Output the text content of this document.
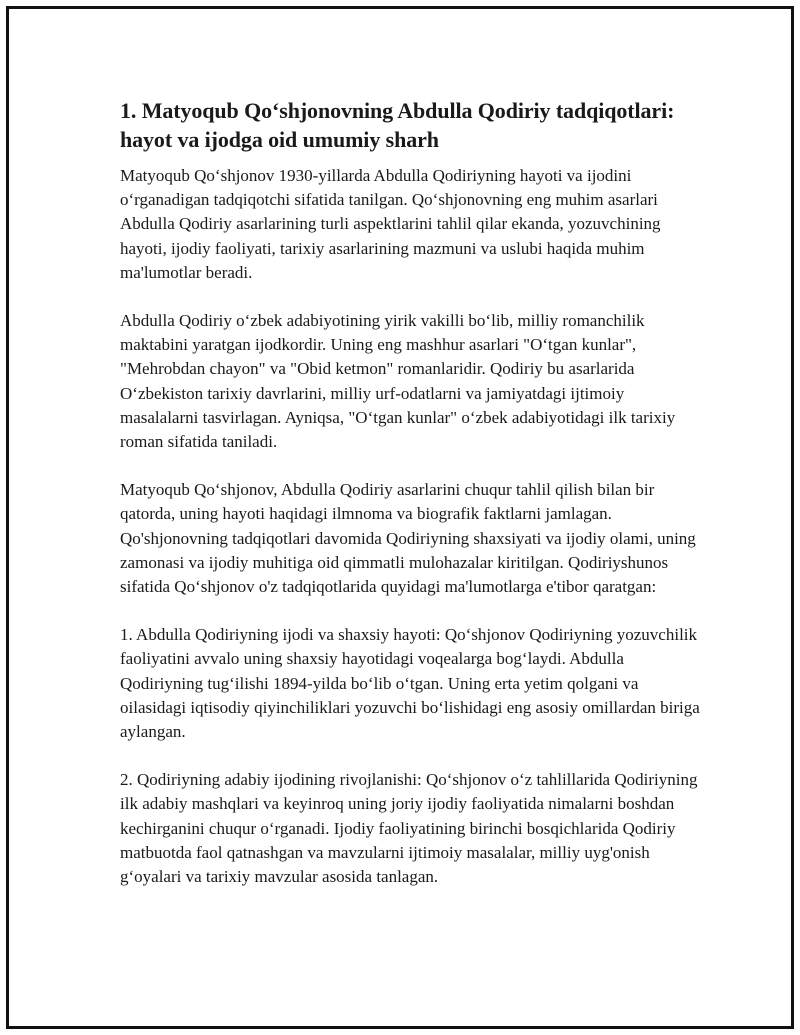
1. Matyoqub Qo‘shjonovning Abdulla Qodiriy tadqiqotlari: hayot va ijodga oid umumiy sharh

Matyoqub Qo‘shjonov 1930-yillarda Abdulla Qodiriyning hayoti va ijodini o‘rganadigan tadqiqotchi sifatida tanilgan. Qo‘shjonovning eng muhim asarlari Abdulla Qodiriy asarlarining turli aspektlarini tahlil qilar ekanda, yozuvchining hayoti, ijodiy faoliyati, tarixiy asarlarining mazmuni va uslubi haqida muhim ma'lumotlar beradi.

Abdulla Qodiriy o‘zbek adabiyotining yirik vakilli bo‘lib, milliy romanchilik maktabini yaratgan ijodkordir. Uning eng mashhur asarlari "O‘tgan kunlar", "Mehrobdan chayon" va "Obid ketmon" romanlaridir. Qodiriy bu asarlarida O‘zbekiston tarixiy davrlarini, milliy urf-odatlarni va jamiyatdagi ijtimoiy masalalarni tasvirlagan. Ayniqsa, "O‘tgan kunlar" o‘zbek adabiyotidagi ilk tarixiy roman sifatida taniladi.

Matyoqub Qo‘shjonov, Abdulla Qodiriy asarlarini chuqur tahlil qilish bilan bir qatorda, uning hayoti haqidagi ilmnoma va biografik faktlarni jamlagan. Qo'shjonovning tadqiqotlari davomida Qodiriyning shaxsiyati va ijodiy olami, uning zamonasi va ijodiy muhitiga oid qimmatli mulohazalar kiritilgan. Qodiriyshunos sifatida Qo‘shjonov o'z tadqiqotlarida quyidagi ma'lumotlarga e'tibor qaratgan:

1. Abdulla Qodiriyning ijodi va shaxsiy hayoti: Qo‘shjonov Qodiriyning yozuvchilik faoliyatini avvalo uning shaxsiy hayotidagi voqealarga bog‘laydi. Abdulla Qodiriyning tug‘ilishi 1894-yilda bo‘lib o‘tgan. Uning erta yetim qolgani va oilasidagi iqtisodiy qiyinchiliklari yozuvchi bo‘lishidagi eng asosiy omillardan biriga aylangan.

2. Qodiriyning adabiy ijodining rivojlanishi: Qo‘shjonov o‘z tahlillarida Qodiriyning ilk adabiy mashqlari va keyinroq uning joriy ijodiy faoliyatida nimalarni boshdan kechirganini chuqur o‘rganadi. Ijodiy faoliyatining birinchi bosqichlarida Qodiriy matbuotda faol qatnashgan va mavzularni ijtimoiy masalalar, milliy uyg'onish g‘oyalari va tarixiy mavzular asosida tanlagan.
